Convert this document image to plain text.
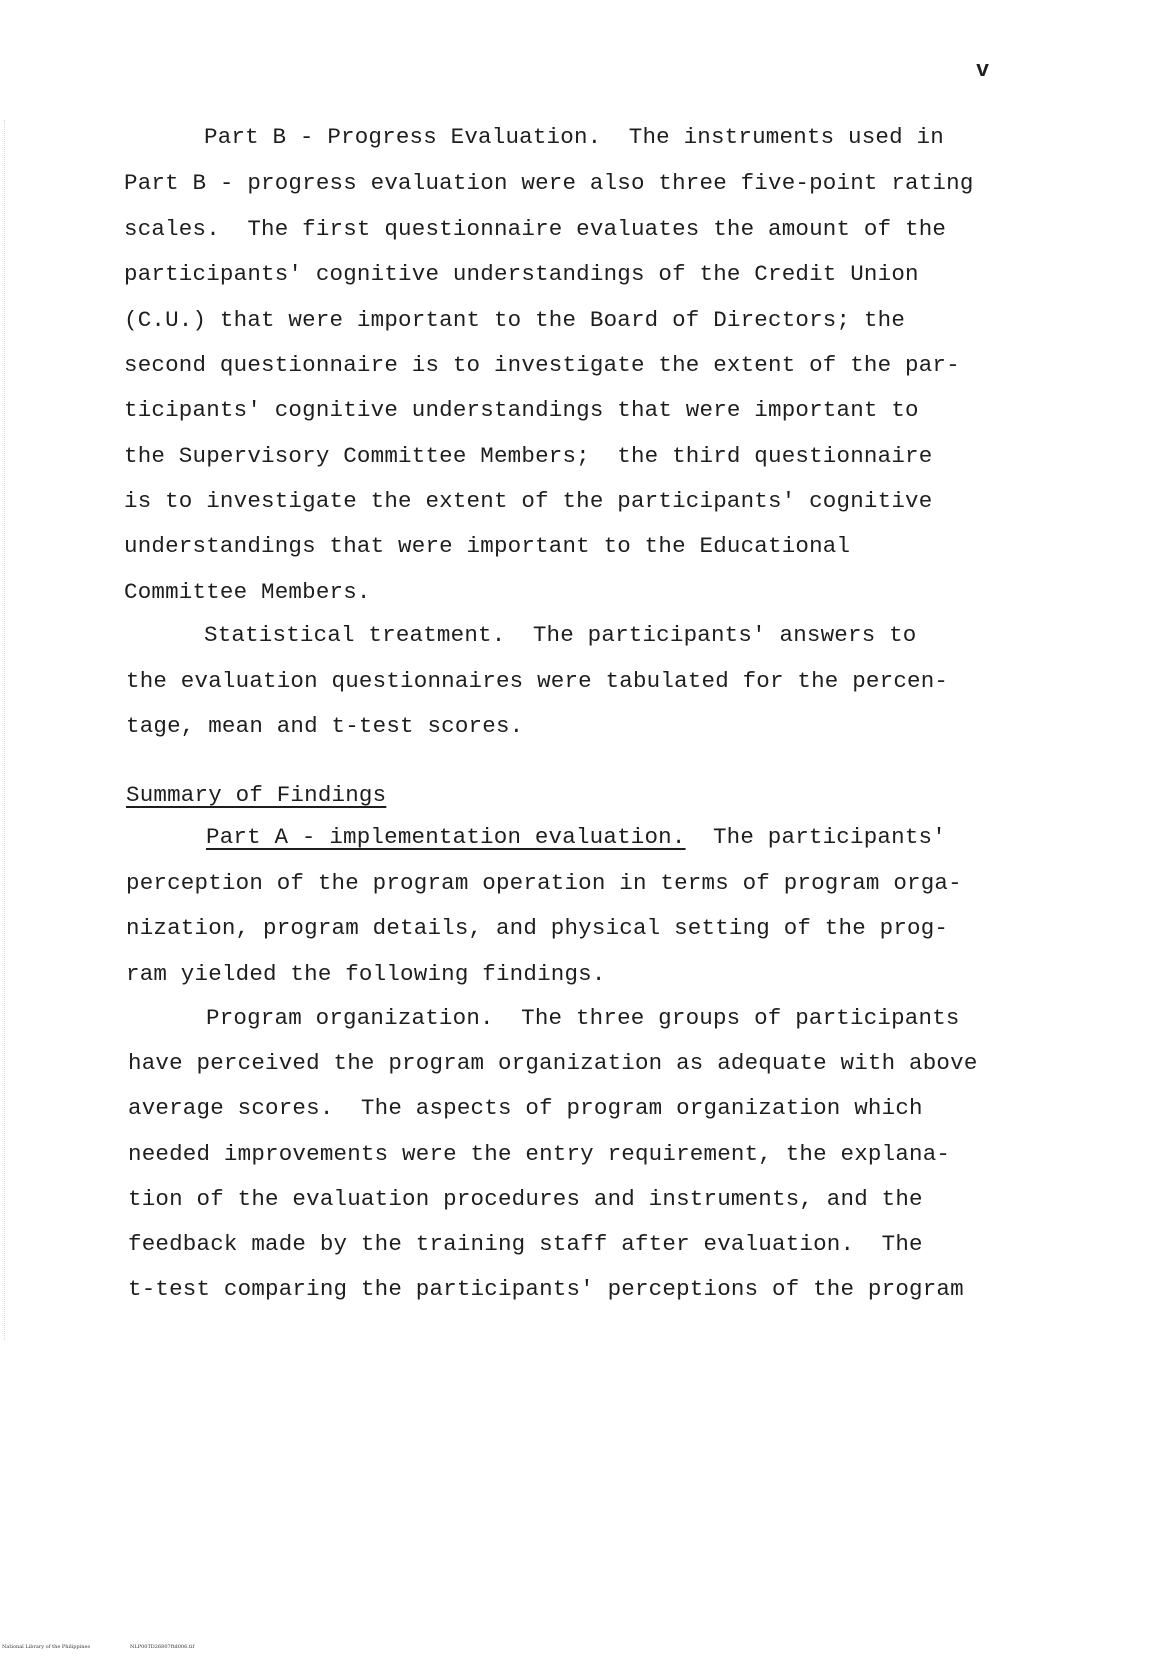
v
Part B - Progress Evaluation.  The instruments used in
Part B - progress evaluation were also three five-point rating
scales.  The first questionnaire evaluates the amount of the
participants' cognitive understandings of the Credit Union
(C.U.) that were important to the Board of Directors; the
second questionnaire is to investigate the extent of the par-
ticipants' cognitive understandings that were important to
the Supervisory Committee Members;  the third questionnaire
is to investigate the extent of the participants' cognitive
understandings that were important to the Educational
Committee Members.
Statistical treatment.  The participants' answers to
the evaluation questionnaires were tabulated for the percen-
tage, mean and t-test scores.
Summary of Findings
Part A - implementation evaluation.  The participants'
perception of the program operation in terms of program orga-
nization, program details, and physical setting of the prog-
ram yielded the following findings.
Program organization.  The three groups of participants
have perceived the program organization as adequate with above
average scores.  The aspects of program organization which
needed improvements were the entry requirement, the explana-
tion of the evaluation procedures and instruments, and the
feedback made by the training staff after evaluation.  The
t-test comparing the participants' perceptions of the program
National Library of the Philippines	NLP00TD26807ftd006.tif
